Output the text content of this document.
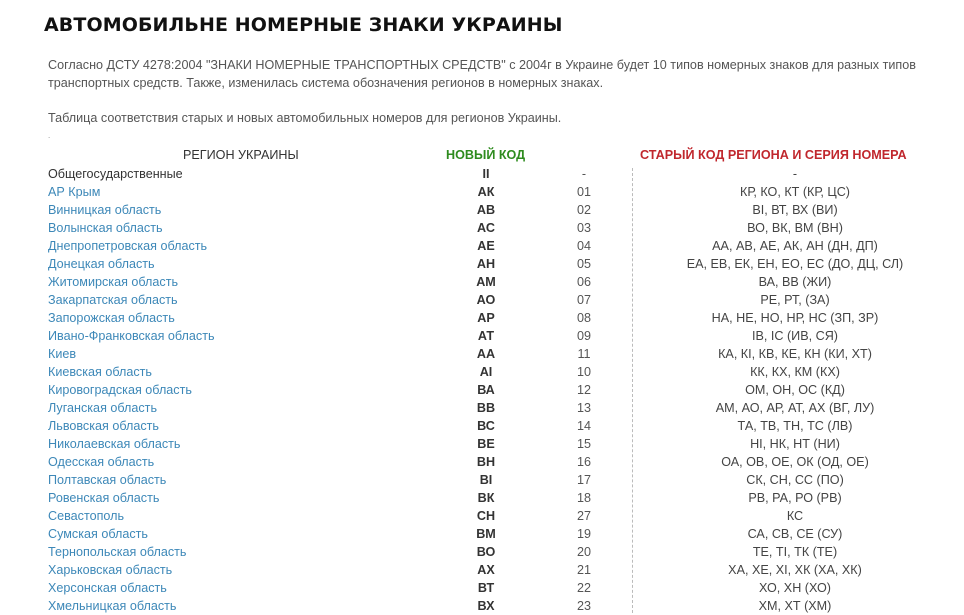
АВТОМОБИЛЬНЕ НОМЕРНЫЕ ЗНАКИ УКРАИНЫ

Согласно ДСТУ 4278:2004 "ЗНАКИ НОМЕРНЫЕ ТРАНСПОРТНЫХ СРЕДСТВ" с 2004г в Украине будет 10 типов номерных знаков для разных типов транспортных средств. Также, изменилась система обозначения регионов в номерных знаках.

Таблица соответствия старых и новых автомобильных номеров для регионов Украины.

.
РЕГИОН УКРАИНЫ	НОВЫЙ КОД	СТАРЫЙ КОД РЕГИОНА И СЕРИЯ НОМЕРА
Общегосударственные	II	-	-
АР Крым	АК	01	КР, КО, КТ (КР, ЦС)
Винницкая область	АВ	02	ВІ, ВТ, ВХ (ВИ)
Волынская область	АС	03	ВО, ВК, ВМ (ВН)
Днепропетровская область	АЕ	04	АА, АВ, АЕ, АК, АН (ДН, ДП)
Донецкая область	АН	05	ЕА, ЕВ, ЕК, ЕН, ЕО, ЕС (ДО, ДЦ, СЛ)
Житомирская область	АМ	06	ВА, ВВ (ЖИ)
Закарпатская область	АО	07	РЕ, РТ, (ЗА)
Запорожская область	АР	08	НА, НЕ, НО, НР, НС (ЗП, ЗР)
Ивано-Франковская область	АТ	09	ІВ, ІС (ИВ, СЯ)
Киев	АА	11	КА, КІ, КВ, КЕ, КН (КИ, ХТ)
Киевская область	АІ	10	КК, КХ, КМ (КХ)
Кировоградская область	ВА	12	ОМ, ОН, ОС (КД)
Луганская область	ВВ	13	АМ, АО, АР, АТ, АХ (ВГ, ЛУ)
Львовская область	ВС	14	ТА, ТВ, ТН, ТС (ЛВ)
Николаевская область	ВЕ	15	НІ, НК, НТ (НИ)
Одесская область	ВН	16	ОА, ОВ, ОЕ, ОК (ОД, ОЕ)
Полтавская область	ВІ	17	СК, СН, СС (ПО)
Ровенская область	ВК	18	РВ, РА, РО (РВ)
Севастополь	СН	27	КС
Сумская область	ВМ	19	СА, СВ, СЕ (СУ)
Тернопольская область	ВО	20	ТЕ, ТІ, ТК (ТЕ)
Харьковская область	АХ	21	ХА, ХЕ, ХІ, ХК (ХА, ХК)
Херсонская область	ВТ	22	ХО, ХН (ХО)
Хмельницкая область	ВХ	23	ХМ, ХТ (ХМ)
